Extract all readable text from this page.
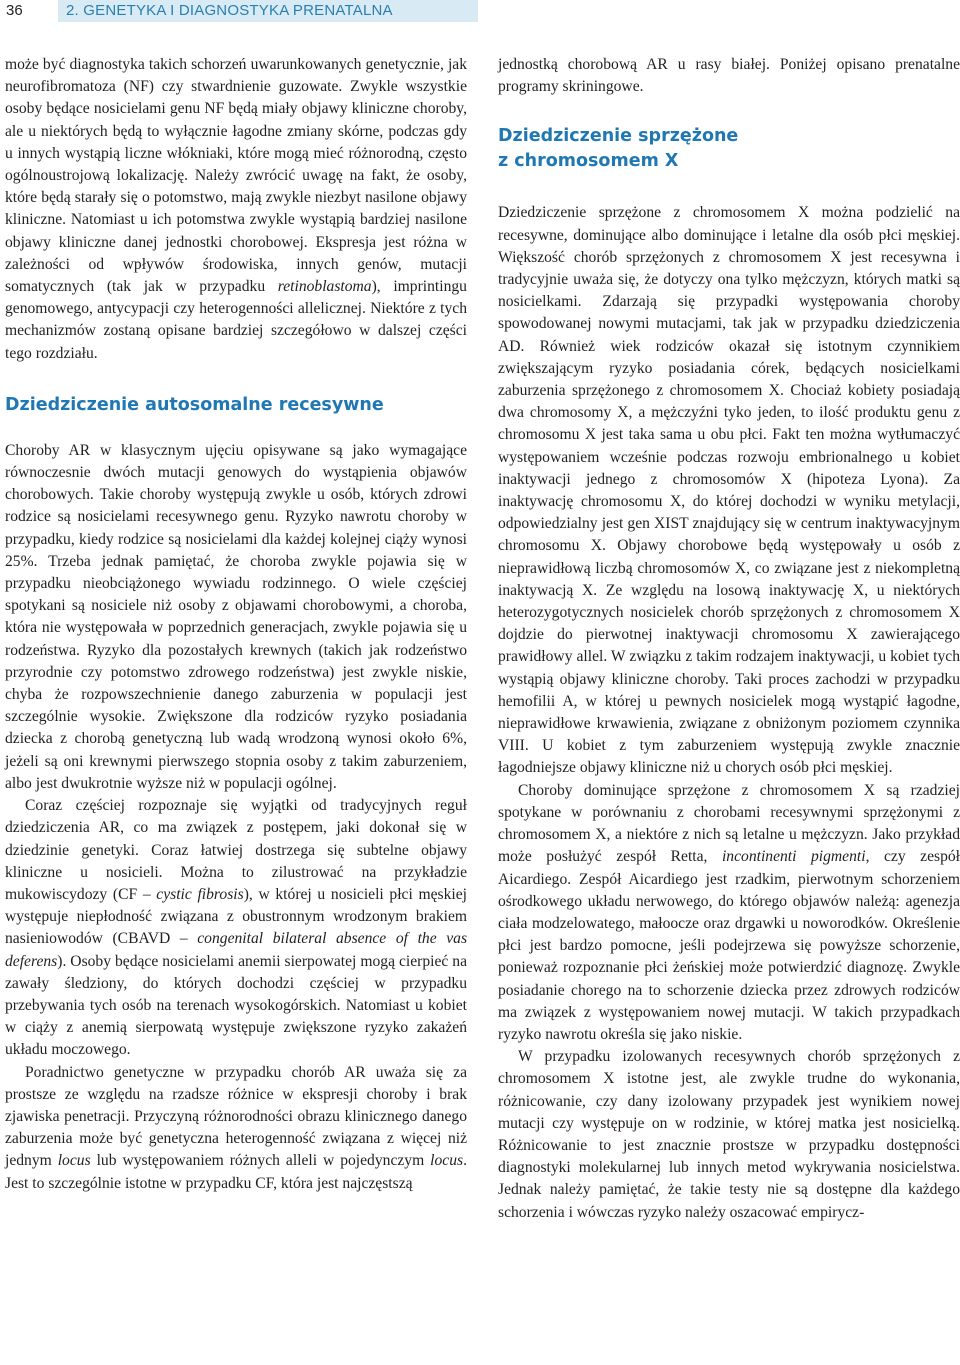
36	2. GENETYKA I DIAGNOSTYKA PRENATALNA

może być diagnostyka takich schorzeń uwarunkowanych genetycznie, jak neurofibromatoza (NF) czy stwardnienie guzowate. Zwykle wszystkie osoby będące nosicielami genu NF będą miały objawy kliniczne choroby, ale u niektórych będą to wyłącznie łagodne zmiany skórne, podczas gdy u innych wystąpią liczne włókniaki, które mogą mieć różnorodną, często ogólnoustrojową lokalizację. Należy zwrócić uwagę na fakt, że osoby, które będą starały się o potomstwo, mają zwykle niezbyt nasilone objawy kliniczne. Natomiast u ich potomstwa zwykle wystąpią bardziej nasilone objawy kliniczne danej jednostki chorobowej. Ekspresja jest różna w zależności od wpływów środowiska, innych genów, mutacji somatycznych (tak jak w przypadku retinoblastoma), imprintingu genomowego, antycypacji czy heterogenności allelicznej. Niektóre z tych mechanizmów zostaną opisane bardziej szczegółowo w dalszej części tego rozdziału.

Dziedziczenie autosomalne recesywne

Choroby AR w klasycznym ujęciu opisywane są jako wymagające równoczesnie dwóch mutacji genowych do wystąpienia objawów chorobowych. Takie choroby występują zwykle u osób, których zdrowi rodzice są nosicielami recesywnego genu. Ryzyko nawrotu choroby w przypadku, kiedy rodzice są nosicielami dla każdej kolejnej ciąży wynosi 25%. Trzeba jednak pamiętać, że choroba zwykle pojawia się w przypadku nieobciążonego wywiadu rodzinnego. O wiele częściej spotykani są nosiciele niż osoby z objawami chorobowymi, a choroba, która nie występowała w poprzednich generacjach, zwykle pojawia się u rodzeństwa. Ryzyko dla pozostałych krewnych (takich jak rodzeństwo przyrodnie czy potomstwo zdrowego rodzeństwa) jest zwykle niskie, chyba że rozpowszechnienie danego zaburzenia w populacji jest szczególnie wysokie. Zwiększone dla rodziców ryzyko posiadania dziecka z chorobą genetyczną lub wadą wrodzoną wynosi około 6%, jeżeli są oni krewnymi pierwszego stopnia osoby z takim zaburzeniem, albo jest dwukrotnie wyższe niż w populacji ogólnej.

Coraz częściej rozpoznaje się wyjątki od tradycyjnych reguł dziedziczenia AR, co ma związek z postępem, jaki dokonał się w dziedzinie genetyki. Coraz łatwiej dostrzega się subtelne objawy kliniczne u nosicieli. Można to zilustrować na przykładzie mukowiscydozy (CF – cystic fibrosis), w której u nosicieli płci męskiej występuje niepłodność związana z obustronnym wrodzonym brakiem nasieniowodów (CBAVD – congenital bilateral absence of the vas deferens). Osoby będące nosicielami anemii sierpowatej mogą cierpieć na zawały śledziony, do których dochodzi częściej w przypadku przebywania tych osób na terenach wysokogórskich. Natomiast u kobiet w ciąży z anemią sierpowatą występuje zwiększone ryzyko zakażeń układu moczowego.

Poradnictwo genetyczne w przypadku chorób AR uważa się za prostsze ze względu na rzadsze różnice w ekspresji choroby i brak zjawiska penetracji. Przyczyną różnorodności obrazu klinicznego danego zaburzenia może być genetyczna heterogenność związana z więcej niż jednym locus lub występowaniem różnych alleli w pojedynczym locus. Jest to szczególnie istotne w przypadku CF, która jest najczęstszą

jednostką chorobową AR u rasy białej. Poniżej opisano prenatalne programy skriningowe.

Dziedziczenie sprzężone
z chromosomem X

Dziedziczenie sprzężone z chromosomem X można podzielić na recesywne, dominujące albo dominujące i letalne dla osób płci męskiej. Większość chorób sprzężonych z chromosomem X jest recesywna i tradycyjnie uważa się, że dotyczy ona tylko mężczyzn, których matki są nosicielkami. Zdarzają się przypadki występowania choroby spowodowanej nowymi mutacjami, tak jak w przypadku dziedziczenia AD. Również wiek rodziców okazał się istotnym czynnikiem zwiększającym ryzyko posiadania córek, będących nosicielkami zaburzenia sprzężonego z chromosomem X. Chociaż kobiety posiadają dwa chromosomy X, a mężczyźni tyko jeden, to ilość produktu genu z chromosomu X jest taka sama u obu płci. Fakt ten można wytłumaczyć występowaniem wcześnie podczas rozwoju embrionalnego u kobiet inaktywacji jednego z chromosomów X (hipoteza Lyona). Za inaktywację chromosomu X, do której dochodzi w wyniku metylacji, odpowiedzialny jest gen XIST znajdujący się w centrum inaktywacyjnym chromosomu X. Objawy chorobowe będą występowały u osób z nieprawidłową liczbą chromosomów X, co związane jest z niekompletną inaktywacją X. Ze względu na losową inaktywację X, u niektórych heterozygotycznych nosicielek chorób sprzężonych z chromosomem X dojdzie do pierwotnej inaktywacji chromosomu X zawierającego prawidłowy allel. W związku z takim rodzajem inaktywacji, u kobiet tych wystąpią objawy kliniczne choroby. Taki proces zachodzi w przypadku hemofilii A, w której u pewnych nosicielek mogą wystąpić łagodne, nieprawidłowe krwawienia, związane z obniżonym poziomem czynnika VIII. U kobiet z tym zaburzeniem występują zwykle znacznie łagodniejsze objawy kliniczne niż u chorych osób płci męskiej.

Choroby dominujące sprzężone z chromosomem X są rzadziej spotykane w porównaniu z chorobami recesywnymi sprzężonymi z chromosomem X, a niektóre z nich są letalne u mężczyzn. Jako przykład może posłużyć zespół Retta, incontinenti pigmenti, czy zespół Aicardiego. Zespół Aicardiego jest rzadkim, pierwotnym schorzeniem ośrodkowego układu nerwowego, do którego objawów należą: agenezja ciała modzelowatego, małoocze oraz drgawki u noworodków. Określenie płci jest bardzo pomocne, jeśli podejrzewa się powyższe schorzenie, ponieważ rozpoznanie płci żeńskiej może potwierdzić diagnozę. Zwykle posiadanie chorego na to schorzenie dziecka przez zdrowych rodziców ma związek z występowaniem nowej mutacji. W takich przypadkach ryzyko nawrotu określa się jako niskie.

W przypadku izolowanych recesywnych chorób sprzężonych z chromosomem X istotne jest, ale zwykle trudne do wykonania, różnicowanie, czy dany izolowany przypadek jest wynikiem nowej mutacji czy występuje on w rodzinie, w której matka jest nosicielką. Różnicowanie to jest znacznie prostsze w przypadku dostępności diagnostyki molekularnej lub innych metod wykrywania nosicielstwa. Jednak należy pamiętać, że takie testy nie są dostępne dla każdego schorzenia i wówczas ryzyko należy oszacować empirycz-
